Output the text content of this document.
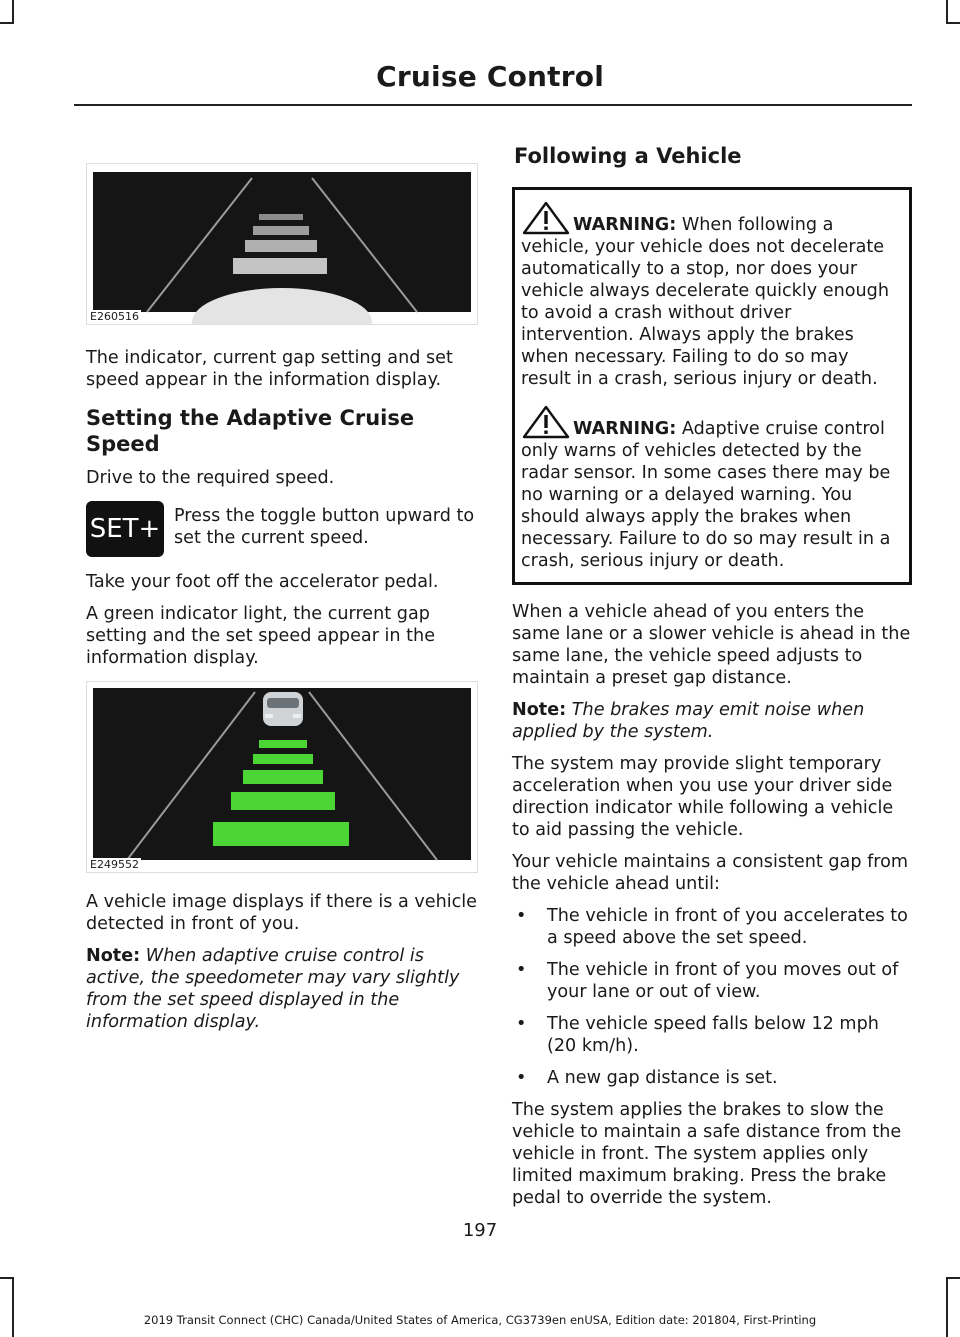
Cruise Control
E260516

The indicator, current gap setting and set speed appear in the information display.

Setting the Adaptive Cruise Speed

Drive to the required speed.

SET+ Press the toggle button upward to set the current speed.

Take your foot off the accelerator pedal.

A green indicator light, the current gap setting and the set speed appear in the information display.

E249552

A vehicle image displays if there is a vehicle detected in front of you.

Note: When adaptive cruise control is active, the speedometer may vary slightly from the set speed displayed in the information display.

Following a Vehicle

WARNING: When following a vehicle, your vehicle does not decelerate automatically to a stop, nor does your vehicle always decelerate quickly enough to avoid a crash without driver intervention. Always apply the brakes when necessary. Failing to do so may result in a crash, serious injury or death.

WARNING: Adaptive cruise control only warns of vehicles detected by the radar sensor. In some cases there may be no warning or a delayed warning. You should always apply the brakes when necessary. Failure to do so may result in a crash, serious injury or death.

When a vehicle ahead of you enters the same lane or a slower vehicle is ahead in the same lane, the vehicle speed adjusts to maintain a preset gap distance.

Note: The brakes may emit noise when applied by the system.

The system may provide slight temporary acceleration when you use your driver side direction indicator while following a vehicle to aid passing the vehicle.

Your vehicle maintains a consistent gap from the vehicle ahead until:

• The vehicle in front of you accelerates to a speed above the set speed.
• The vehicle in front of you moves out of your lane or out of view.
• The vehicle speed falls below 12 mph (20 km/h).
• A new gap distance is set.

The system applies the brakes to slow the vehicle to maintain a safe distance from the vehicle in front. The system applies only limited maximum braking. Press the brake pedal to override the system.

197
2019 Transit Connect (CHC) Canada/United States of America, CG3739en enUSA, Edition date: 201804, First-Printing
